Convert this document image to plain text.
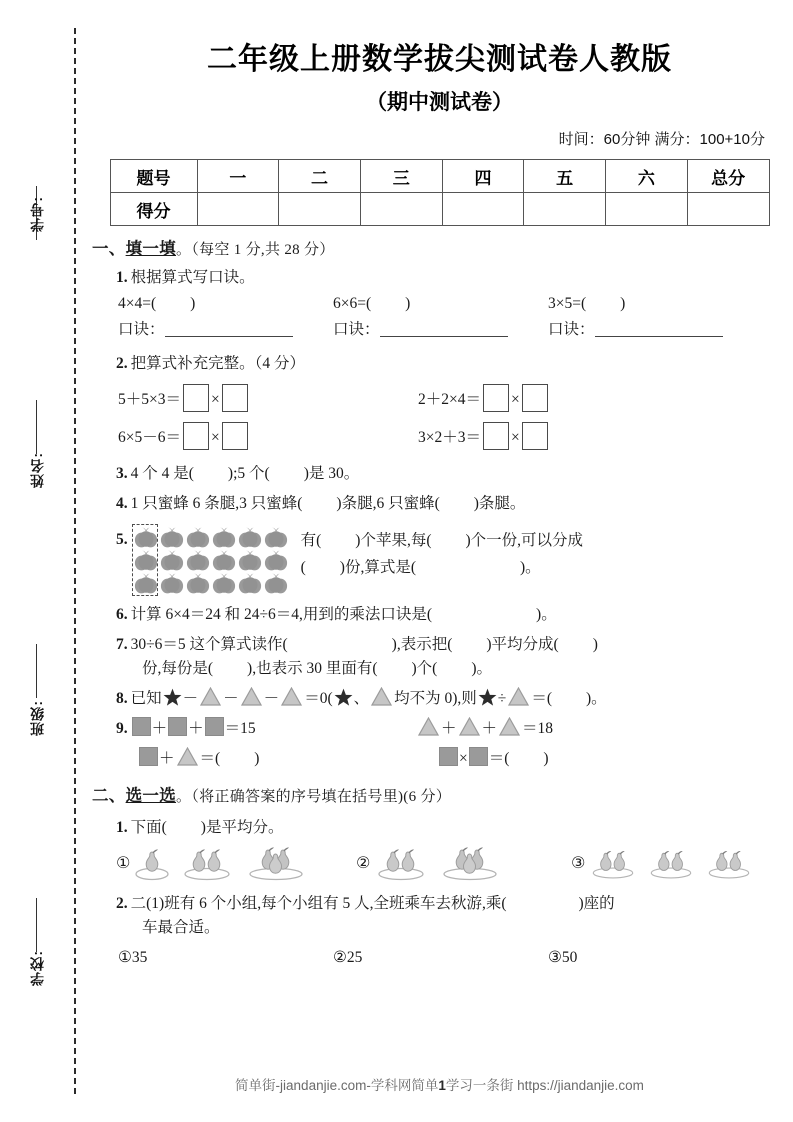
学号:
姓名:
班级:
学校:
二年级上册数学拔尖测试卷人教版
（期中测试卷）
时间：60分钟 满分：100+10分
题号	一	二	三	四	五	六	总分
得分							
一、填一填。（每空 1 分,共 28 分）
1. 根据算式写口诀。
4×4=( )	6×6=( )	3×5=( )
口诀：	口诀：	口诀：
2. 把算式补充完整。（4 分）
5＋5×3＝ ×	2＋2×4＝ ×
6×5－6＝ ×	3×2＋3＝ ×
3. 4 个 4 是( );5 个( )是 30。
4. 1 只蜜蜂 6 条腿,3 只蜜蜂( )条腿,6 只蜜蜂( )条腿。
5.	有( )个苹果,每( )个一份,可以分成
( )份,算式是(	)。
6. 计算 6×4＝24 和 24÷6＝4,用到的乘法口诀是(	)。
7. 30÷6＝5 这个算式读作(	),表示把( )平均分成( )
份,每份是( ),也表示 30 里面有( )个( )。
8. 已知 － － － ＝0( 、 均不为 0),则 ÷ ＝( )。
9. ＋ ＋ ＝15	＋ ＋ ＝18
＋ ＝( )	× ＝( )
二、选一选。（将正确答案的序号填在括号里)(6 分）
1. 下面( )是平均分。
①	②	③
2. 二(1)班有 6 个小组,每个小组有 5 人,全班乘车去秋游,乘(	)座的
车最合适。
①35	②25	③50
简单街-jiandanjie.com-学科网简单1学习一条街 https://jiandanjie.com
